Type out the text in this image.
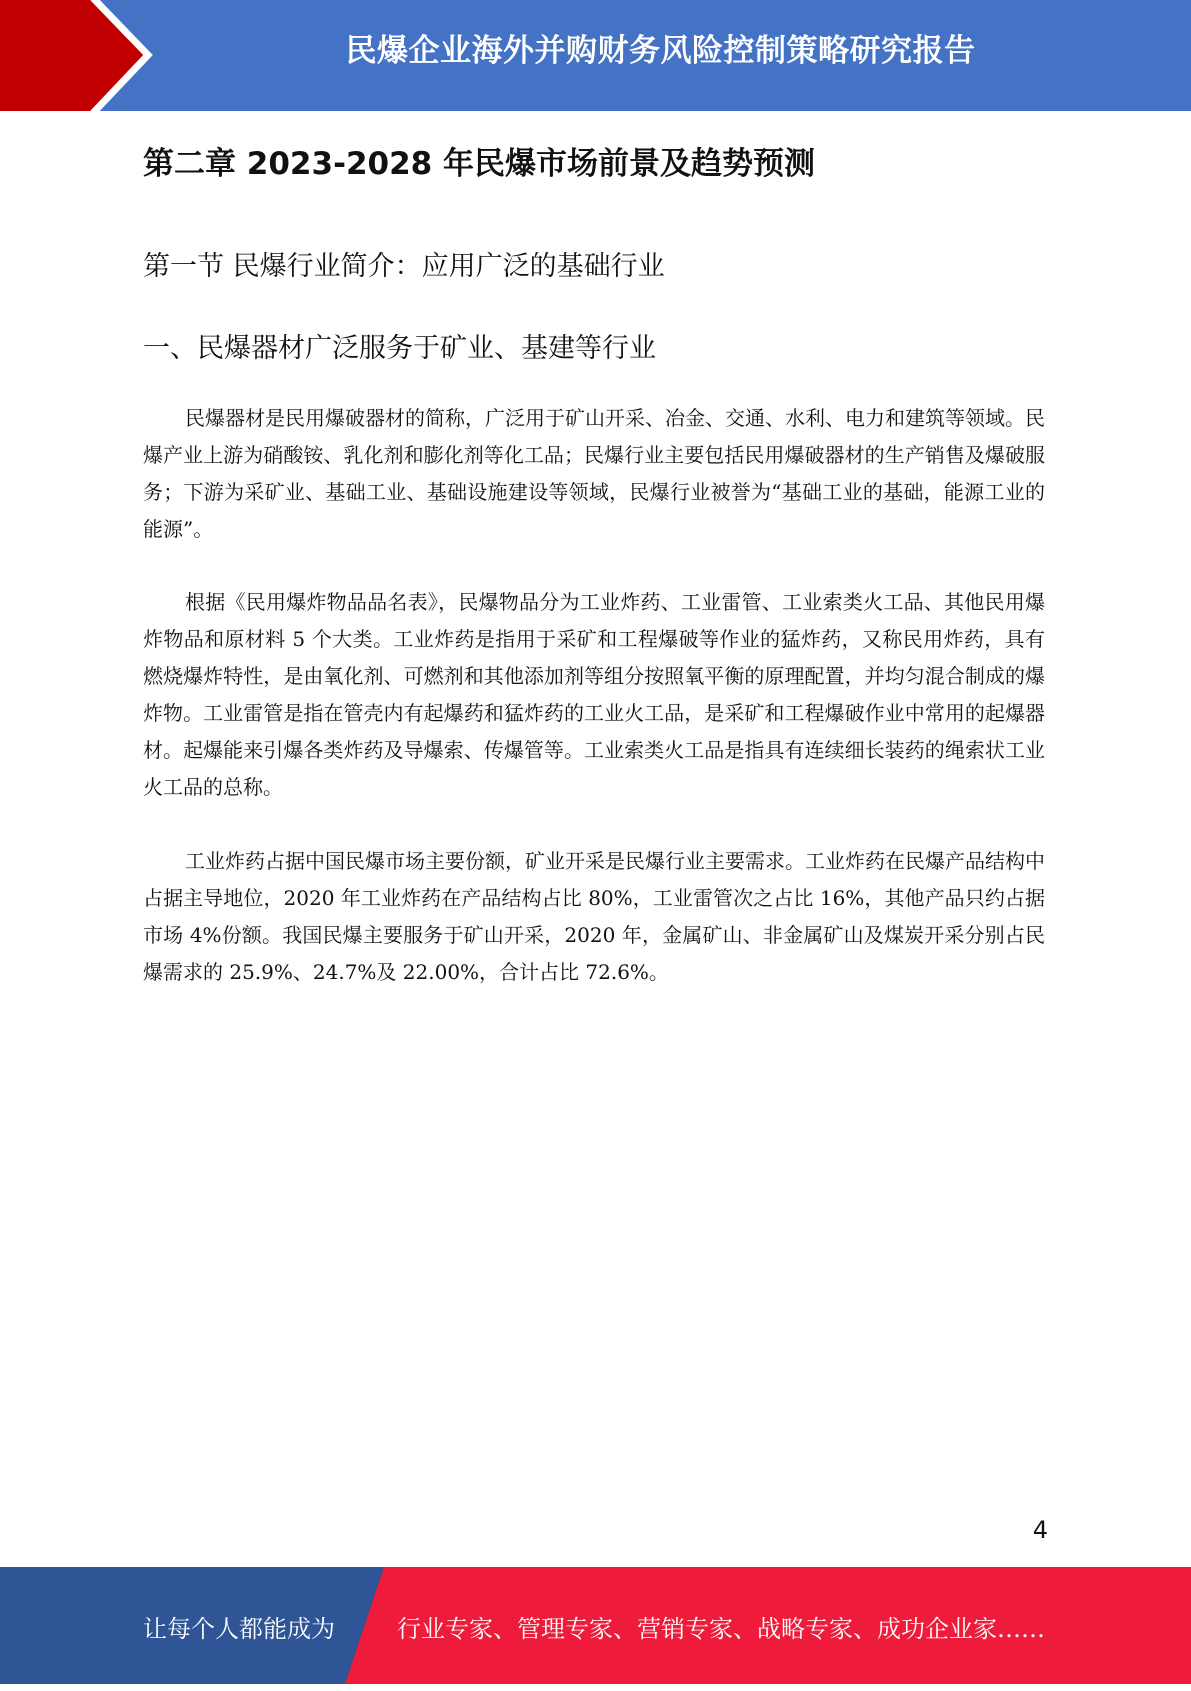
民爆企业海外并购财务风险控制策略研究报告
第二章 2023-2028 年民爆市场前景及趋势预测
第一节 民爆行业简介：应用广泛的基础行业
一、民爆器材广泛服务于矿业、基建等行业

民爆器材是民用爆破器材的简称，广泛用于矿山开采、冶金、交通、水利、电力和建筑等领域。民爆产业上游为硝酸铵、乳化剂和膨化剂等化工品；民爆行业主要包括民用爆破器材的生产销售及爆破服务；下游为采矿业、基础工业、基础设施建设等领域，民爆行业被誉为“基础工业的基础，能源工业的能源”。

根据《民用爆炸物品品名表》，民爆物品分为工业炸药、工业雷管、工业索类火工品、其他民用爆炸物品和原材料 5 个大类。工业炸药是指用于采矿和工程爆破等作业的猛炸药，又称民用炸药，具有燃烧爆炸特性，是由氧化剂、可燃剂和其他添加剂等组分按照氧平衡的原理配置，并均匀混合制成的爆炸物。工业雷管是指在管壳内有起爆药和猛炸药的工业火工品，是采矿和工程爆破作业中常用的起爆器材。起爆能来引爆各类炸药及导爆索、传爆管等。工业索类火工品是指具有连续细长装药的绳索状工业火工品的总称。

工业炸药占据中国民爆市场主要份额，矿业开采是民爆行业主要需求。工业炸药在民爆产品结构中占据主导地位，2020 年工业炸药在产品结构占比 80%，工业雷管次之占比 16%，其他产品只约占据市场 4%份额。我国民爆主要服务于矿山开采，2020 年，金属矿山、非金属矿山及煤炭开采分别占民爆需求的 25.9%、24.7%及 22.00%，合计占比 72.6%。

4
让每个人都能成为	行业专家、管理专家、营销专家、战略专家、成功企业家……
